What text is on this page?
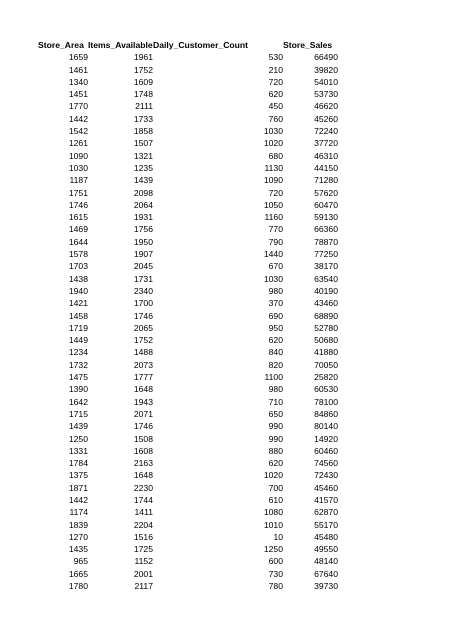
	Store_Area	Items_Available	Daily_Customer_Count	Store_Sales
	1659	1961	530	66490
	1461	1752	210	39820
	1340	1609	720	54010
	1451	1748	620	53730
	1770	2111	450	46620
	1442	1733	760	45260
	1542	1858	1030	72240
	1261	1507	1020	37720
	1090	1321	680	46310
	1030	1235	1130	44150
	1187	1439	1090	71280
	1751	2098	720	57620
	1746	2064	1050	60470
	1615	1931	1160	59130
	1469	1756	770	66360
	1644	1950	790	78870
	1578	1907	1440	77250
	1703	2045	670	38170
	1438	1731	1030	63540
	1940	2340	980	40190
	1421	1700	370	43460
	1458	1746	690	68890
	1719	2065	950	52780
	1449	1752	620	50680
	1234	1488	840	41880
	1732	2073	820	70050
	1475	1777	1100	25820
	1390	1648	980	60530
	1642	1943	710	78100
	1715	2071	650	84860
	1439	1746	990	80140
	1250	1508	990	14920
	1331	1608	880	60460
	1784	2163	620	74560
	1375	1648	1020	72430
	1871	2230	700	45460
	1442	1744	610	41570
	1174	1411	1080	62870
	1839	2204	1010	55170
	1270	1516	10	45480
	1435	1725	1250	49550
	965	1152	600	48140
	1665	2001	730	67640
	1780	2117	780	39730
